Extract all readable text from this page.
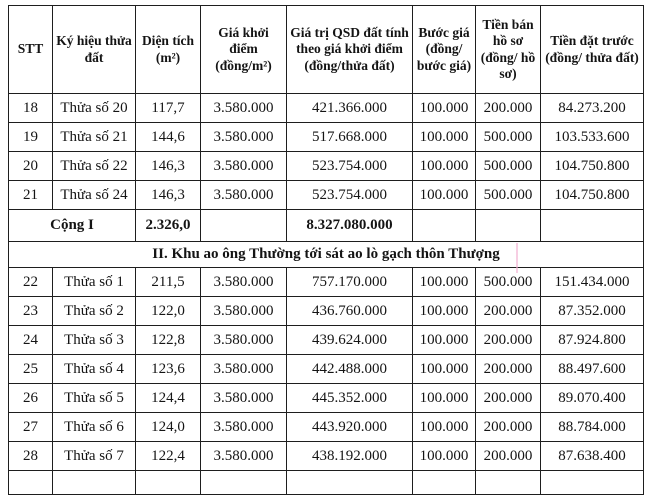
STT	Ký hiệu thửa đất	Diện tích (m²)	Giá khởi điểm (đồng/m²)	Giá trị QSD đất tính theo giá khởi điểm (đồng/thửa đất)	Bước giá (đồng/ bước giá)	Tiền bán hồ sơ (đồng/ hồ sơ)	Tiền đặt trước (đồng/ thửa đất)
18	Thửa số 20	117,7	3.580.000	421.366.000	100.000	200.000	84.273.200
19	Thửa số 21	144,6	3.580.000	517.668.000	100.000	500.000	103.533.600
20	Thửa số 22	146,3	3.580.000	523.754.000	100.000	500.000	104.750.800
21	Thửa số 24	146,3	3.580.000	523.754.000	100.000	500.000	104.750.800
Cộng I		2.326,0		8.327.080.000			
II. Khu ao ông Thường tới sát ao lò gạch thôn Thượng							
22	Thửa số 1	211,5	3.580.000	757.170.000	100.000	500.000	151.434.000
23	Thửa số 2	122,0	3.580.000	436.760.000	100.000	200.000	87.352.000
24	Thửa số 3	122,8	3.580.000	439.624.000	100.000	200.000	87.924.800
25	Thửa số 4	123,6	3.580.000	442.488.000	100.000	200.000	88.497.600
26	Thửa số 5	124,4	3.580.000	445.352.000	100.000	200.000	89.070.400
27	Thửa số 6	124,0	3.580.000	443.920.000	100.000	200.000	88.784.000
28	Thửa số 7	122,4	3.580.000	438.192.000	100.000	200.000	87.638.400
